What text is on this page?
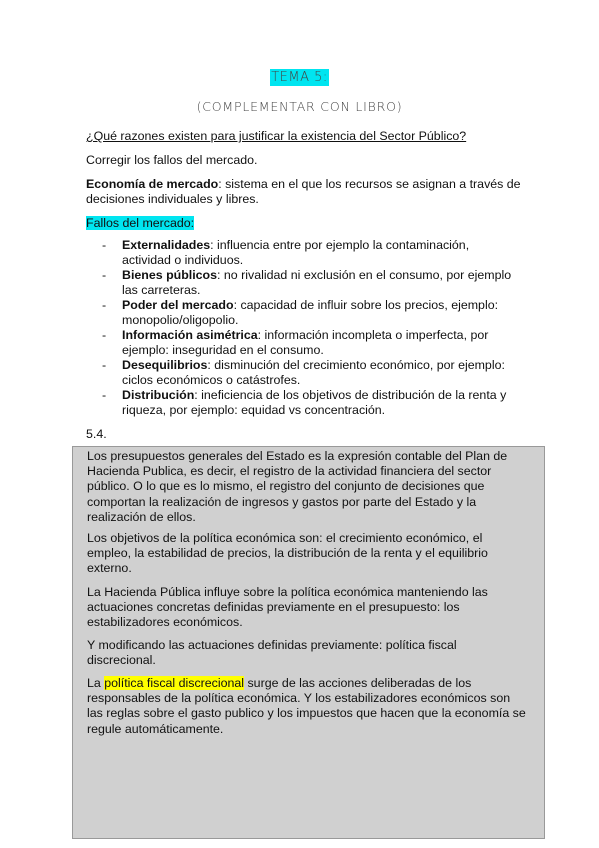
TEMA 5:
(COMPLEMENTAR CON LIBRO)
¿Qué razones existen para justificar la existencia del Sector Público?
Corregir los fallos del mercado.
Economía de mercado: sistema en el que los recursos se asignan a través de decisiones individuales y libres.
Fallos del mercado:
- Externalidades: influencia entre por ejemplo la contaminación, actividad o individuos.
- Bienes públicos: no rivalidad ni exclusión en el consumo, por ejemplo las carreteras.
- Poder del mercado: capacidad de influir sobre los precios, ejemplo: monopolio/oligopolio.
- Información asimétrica: información incompleta o imperfecta, por ejemplo: inseguridad en el consumo.
- Desequilibrios: disminución del crecimiento económico, por ejemplo: ciclos económicos o catástrofes.
- Distribución: ineficiencia de los objetivos de distribución de la renta y riqueza, por ejemplo: equidad vs concentración.
5.4.
Los presupuestos generales del Estado es la expresión contable del Plan de Hacienda Publica, es decir, el registro de la actividad financiera del sector público. O lo que es lo mismo, el registro del conjunto de decisiones que comportan la realización de ingresos y gastos por parte del Estado y la realización de ellos.
Los objetivos de la política económica son: el crecimiento económico, el empleo, la estabilidad de precios, la distribución de la renta y el equilibrio externo.
La Hacienda Pública influye sobre la política económica manteniendo las actuaciones concretas definidas previamente en el presupuesto: los estabilizadores económicos.
Y modificando las actuaciones definidas previamente: política fiscal discrecional.
La política fiscal discrecional surge de las acciones deliberadas de los responsables de la política económica. Y los estabilizadores económicos son las reglas sobre el gasto publico y los impuestos que hacen que la economía se regule automáticamente.
